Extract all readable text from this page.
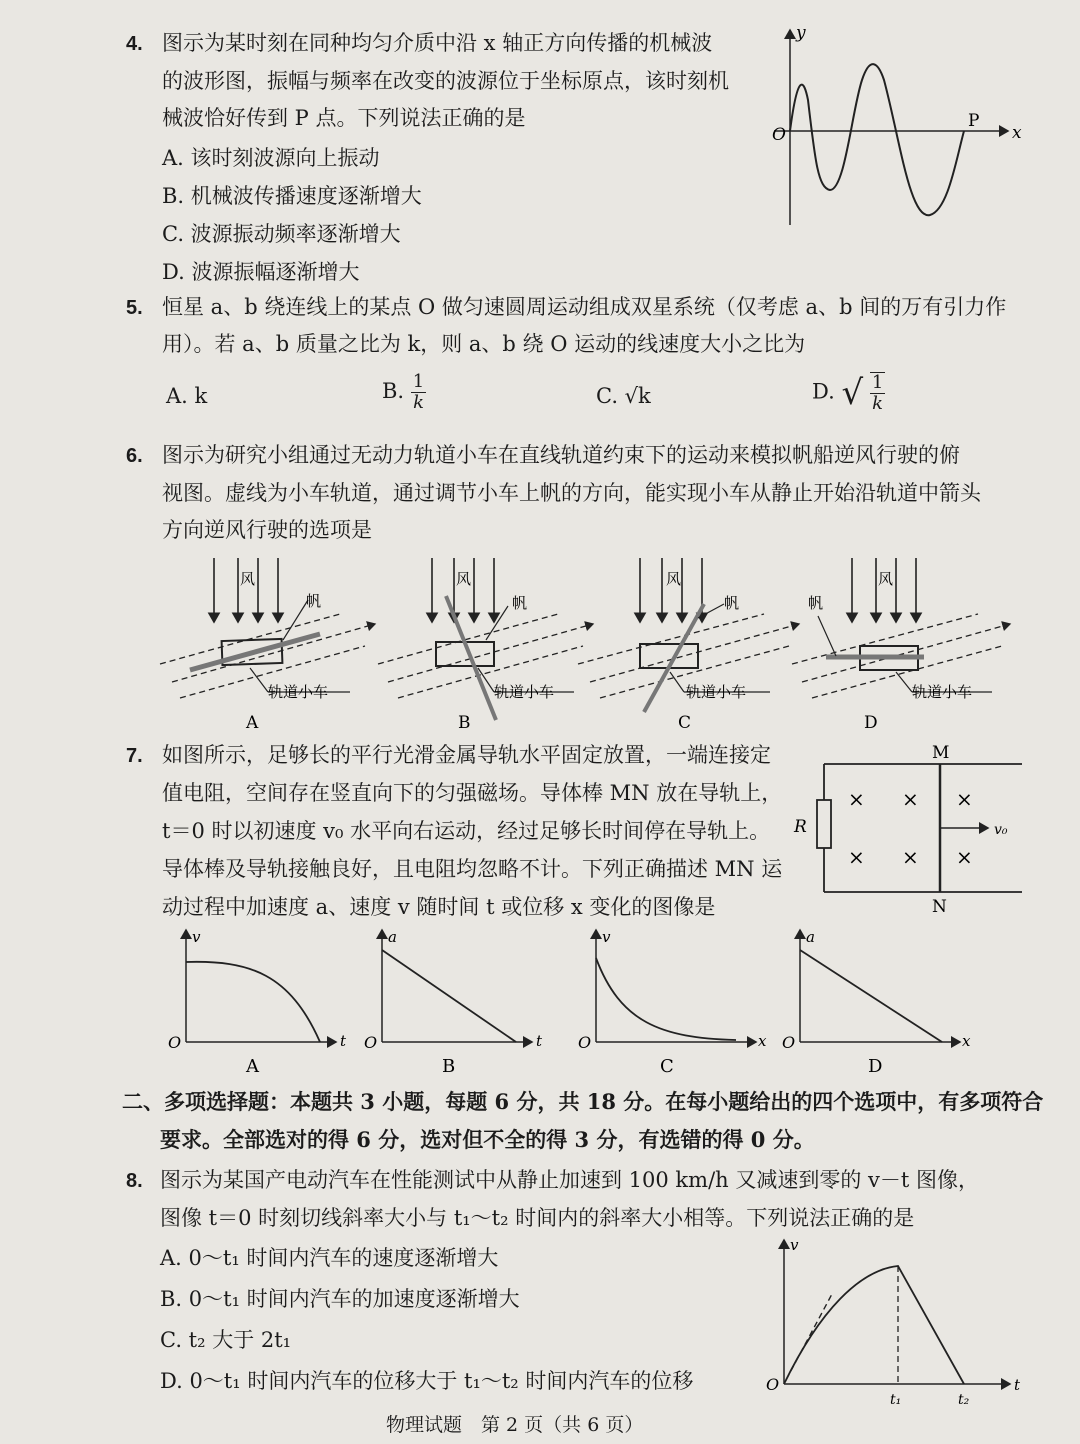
4. 图示为某时刻在同种均匀介质中沿 x 轴正方向传播的机械波
的波形图，振幅与频率在改变的波源位于坐标原点，该时刻机
械波恰好传到 P 点。下列说法正确的是
A. 该时刻波源向上振动
B. 机械波传播速度逐渐增大
C. 波源振动频率逐渐增大
D. 波源振幅逐渐增大
y
x
O
P
5. 恒星 a、b 绕连线上的某点 O 做匀速圆周运动组成双星系统（仅考虑 a、b 间的万有引力作
用）。若 a、b 质量之比为 k，则 a、b 绕 O 运动的线速度大小之比为
A. k	B. $\frac{1}{k}$	C. √k	D. √ $\frac{1}{k}$
6. 图示为研究小组通过无动力轨道小车在直线轨道约束下的运动来模拟帆船逆风行驶的俯
视图。虚线为小车轨道，通过调节小车上帆的方向，能实现小车从静止开始沿轨道中箭头
方向逆风行驶的选项是
风
帆
轨道小车
A
风
帆
轨道小车
B
风
帆
轨道小车
C
风
帆
轨道小车
D
7. 如图所示，足够长的平行光滑金属导轨水平固定放置，一端连接定
值电阻，空间存在竖直向下的匀强磁场。导体棒 MN 放在导轨上，
t＝0 时以初速度 v₀ 水平向右运动，经过足够长时间停在导轨上。
导体棒及导轨接触良好，且电阻均忽略不计。下列正确描述 MN 运
动过程中加速度 a、速度 v 随时间 t 或位移 x 变化的图像是
R
M
N
v₀
× × ×
× × ×
v
t
O
A
a
t
O
B
v
x
O
C
a
x
O
D
二、多项选择题：本题共 3 小题，每题 6 分，共 18 分。在每小题给出的四个选项中，有多项符合
要求。全部选对的得 6 分，选对但不全的得 3 分，有选错的得 0 分。
8. 图示为某国产电动汽车在性能测试中从静止加速到 100 km/h 又减速到零的 v－t 图像，
图像 t＝0 时刻切线斜率大小与 t₁～t₂ 时间内的斜率大小相等。下列说法正确的是
A. 0～t₁ 时间内汽车的速度逐渐增大
B. 0～t₁ 时间内汽车的加速度逐渐增大
C. t₂ 大于 2t₁
D. 0～t₁ 时间内汽车的位移大于 t₁～t₂ 时间内汽车的位移
v
t
O
t₁	t₂
物理试题　第 2 页（共 6 页）
